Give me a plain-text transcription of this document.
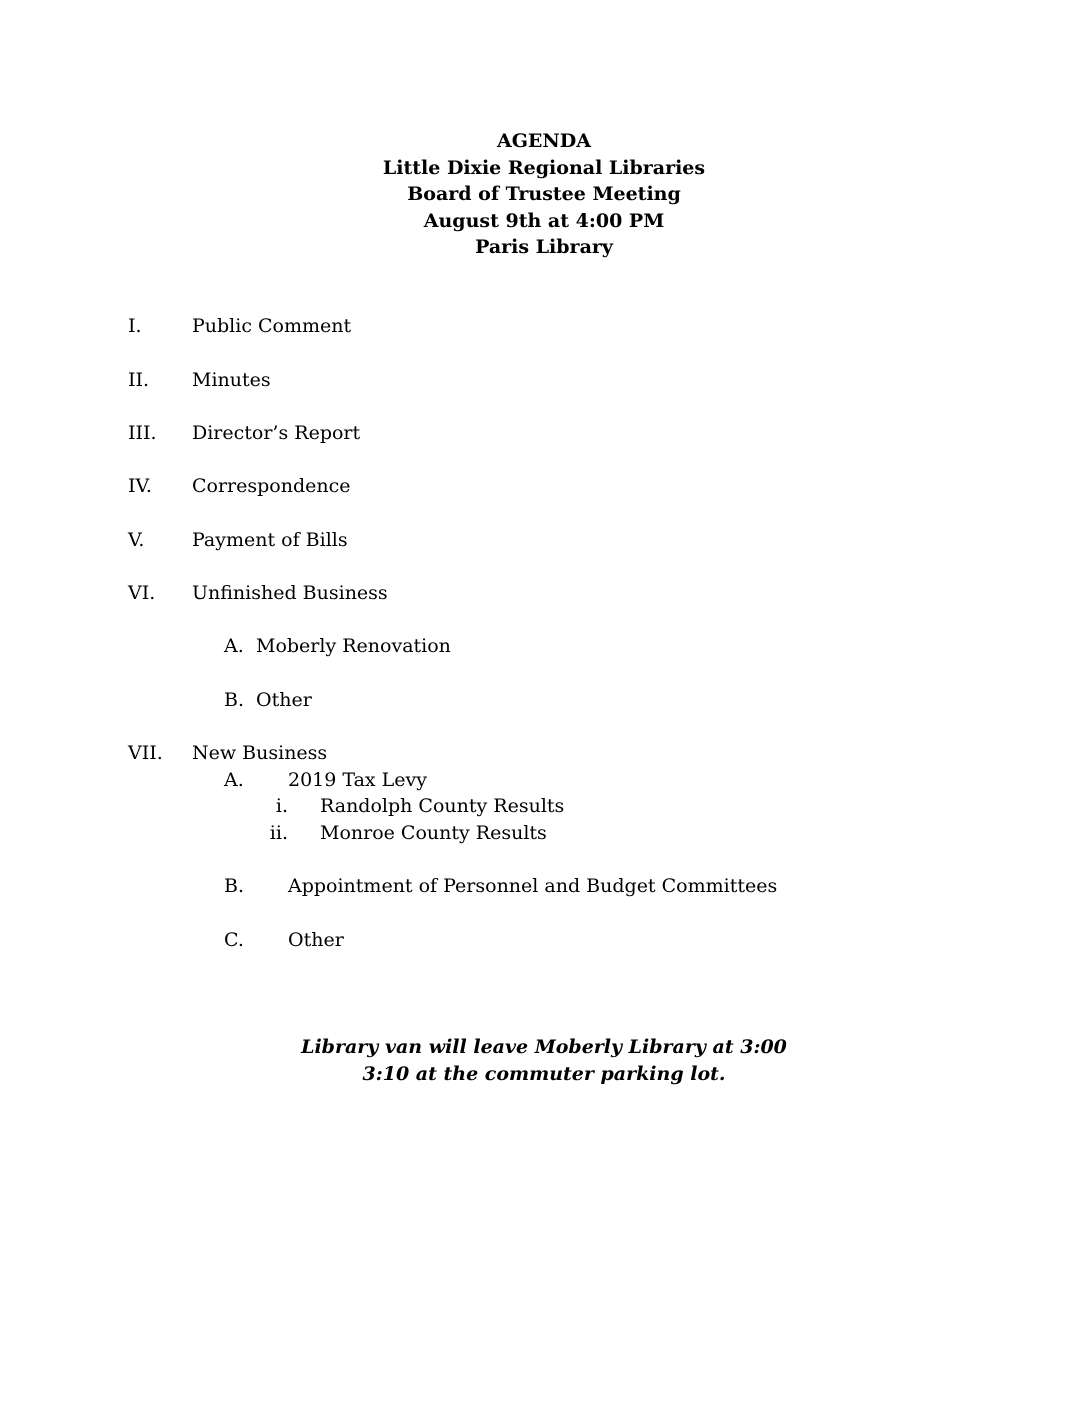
AGENDA
Little Dixie Regional Libraries
Board of Trustee Meeting
August 9th at 4:00 PM
Paris Library
I.	Public Comment
II. Minutes
III. Director’s Report
IV. Correspondence
V.	Payment of Bills
VI. Unfinished Business
A. Moberly Renovation
B. Other
VII. New Business
A. 2019 Tax Levy
i. Randolph County Results
ii. Monroe County Results
B. Appointment of Personnel and Budget Committees
C. Other
Library van will leave Moberly Library at 3:00
3:10 at the commuter parking lot.
